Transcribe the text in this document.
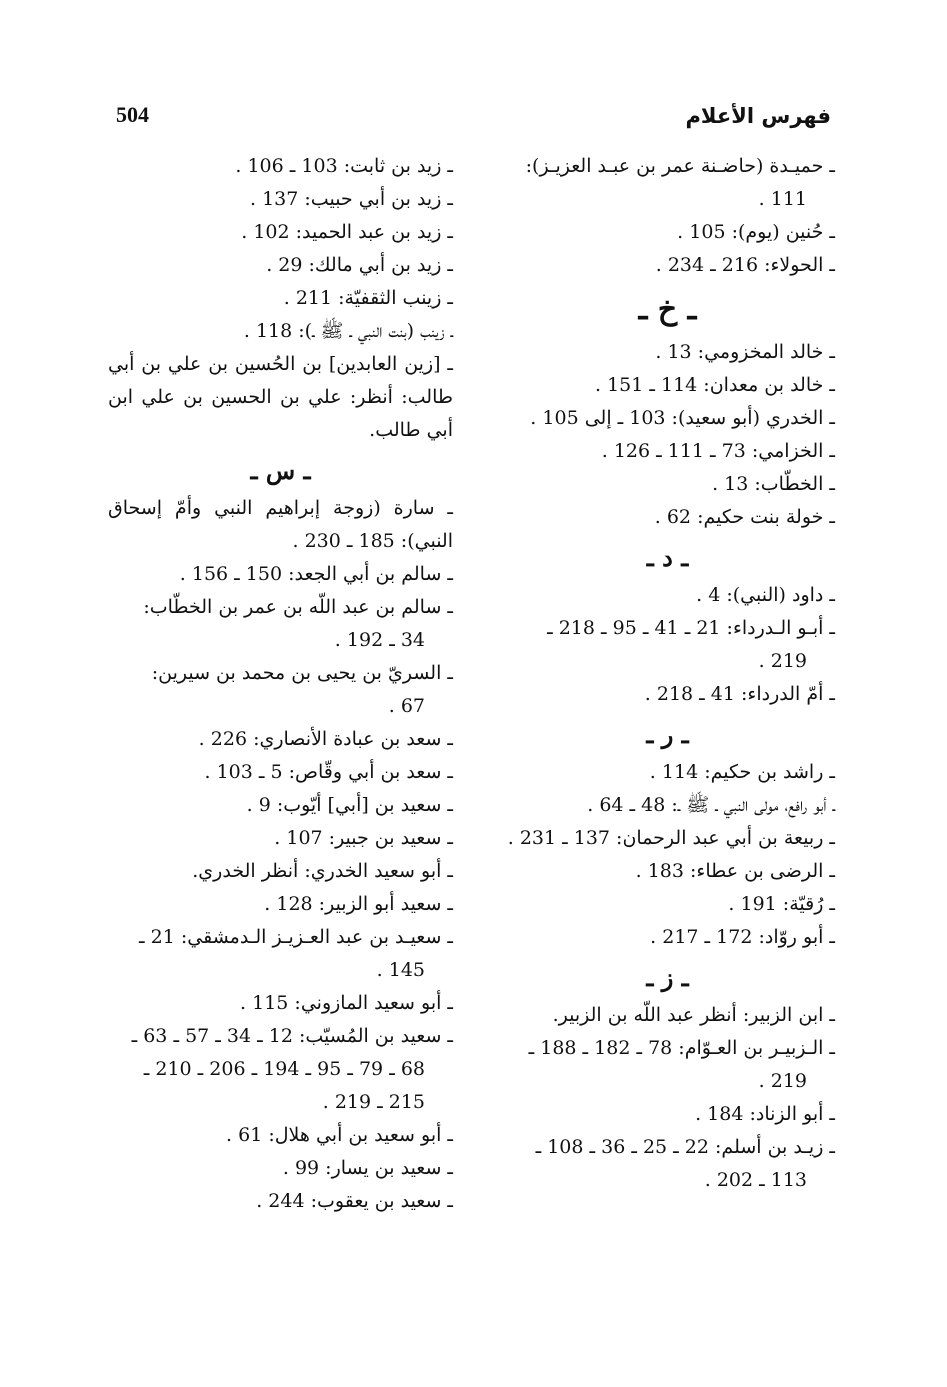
فهرس الأعلام
504
ـ حميـدة (حاضـنة عمر بن عبـد العزيـز):
111 .
ـ حُنين (يوم): 105 .
ـ الحولاء: 216 ـ 234 .
ـ خ ـ
ـ خالد المخزومي: 13 .
ـ خالد بن معدان: 114 ـ 151 .
ـ الخدري (أبو سعيد): 103 ـ إلى 105 .
ـ الخزامي: 73 ـ 111 ـ 126 .
ـ الخطّاب: 13 .
ـ خولة بنت حكيم: 62 .
ـ د ـ
ـ داود (النبي): 4 .
ـ أبـو الـدرداء: 21 ـ 41 ـ 95 ـ 218 ـ
219 .
ـ أمّ الدرداء: 41 ـ 218 .
ـ ر ـ
ـ راشد بن حكيم: 114 .
ـ أبو رافع، مولى النبي ـ ﷺ ـ: 48 ـ 64 .
ـ ربيعة بن أبي عبد الرحمان: 137 ـ 231 .
ـ الرضى بن عطاء: 183 .
ـ رُقيّة: 191 .
ـ أبو روّاد: 172 ـ 217 .
ـ ز ـ
ـ ابن الزبير: أنظر عبد اللّه بن الزبير.
ـ الـزبيـر بن العـوّام: 78 ـ 182 ـ 188 ـ
219 .
ـ أبو الزناد: 184 .
ـ زيـد بن أسلم: 22 ـ 25 ـ 36 ـ 108 ـ
113 ـ 202 .
ـ زيد بن ثابت: 103 ـ 106 .
ـ زيد بن أبي حبيب: 137 .
ـ زيد بن عبد الحميد: 102 .
ـ زيد بن أبي مالك: 29 .
ـ زينب الثقفيّة: 211 .
ـ زينب (بنت النبي ـ ﷺ ـ): 118 .
ـ [زين العابدين] بن الحُسين بن علي بن أبي طالب: أنظر: علي بن الحسين بن علي ابن أبي طالب.
ـ س ـ
ـ سارة (زوجة إبراهيم النبي وأمّ إسحاق النبي): 185 ـ 230 .
ـ سالم بن أبي الجعد: 150 ـ 156 .
ـ سالم بن عبد اللّه بن عمر بن الخطّاب:
34 ـ 192 .
ـ السريّ بن يحيى بن محمد بن سيرين:
67 .
ـ سعد بن عبادة الأنصاري: 226 .
ـ سعد بن أبي وقّاص: 5 ـ 103 .
ـ سعيد بن [أبي] أيّوب: 9 .
ـ سعيد بن جبير: 107 .
ـ أبو سعيد الخدري: أنظر الخدري.
ـ سعيد أبو الزبير: 128 .
ـ سعيـد بن عبد العـزيـز الـدمشقي: 21 ـ
145 .
ـ أبو سعيد المازوني: 115 .
ـ سعيد بن المُسيّب: 12 ـ 34 ـ 57 ـ 63 ـ
68 ـ 79 ـ 95 ـ 194 ـ 206 ـ 210 ـ
215 ـ 219 .
ـ أبو سعيد بن أبي هلال: 61 .
ـ سعيد بن يسار: 99 .
ـ سعيد بن يعقوب: 244 .
